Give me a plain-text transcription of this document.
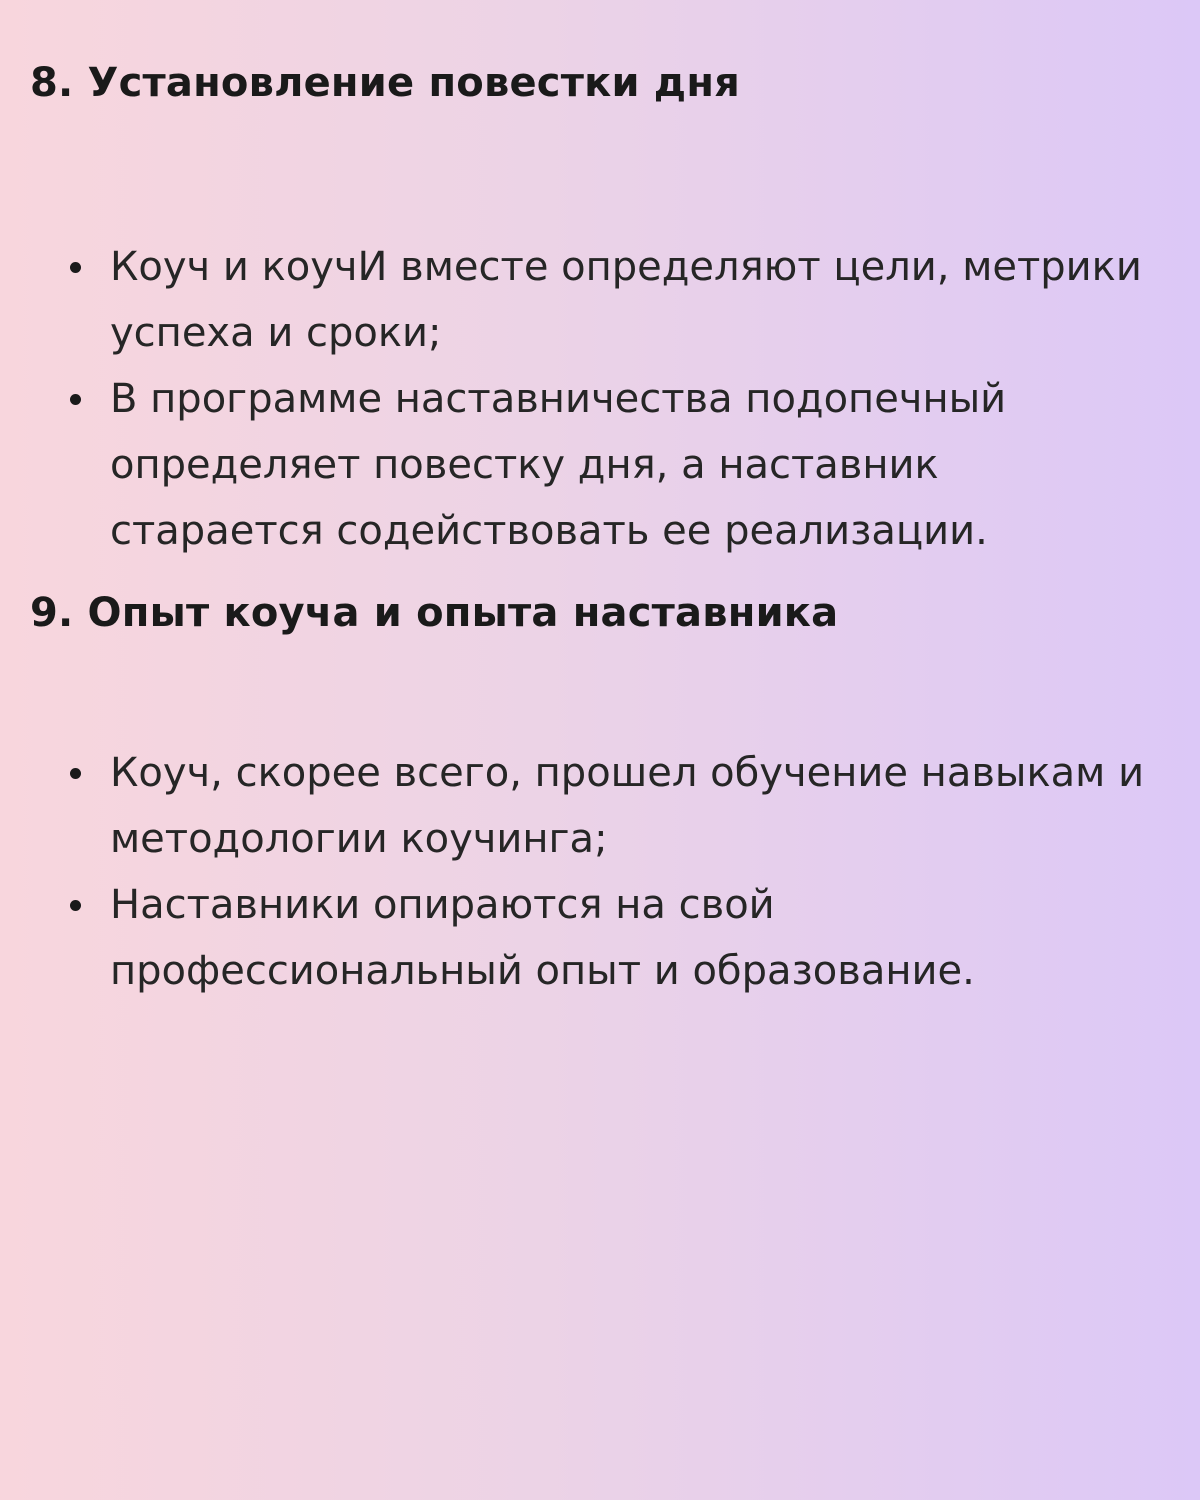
8. Установление повестки дня
Коуч и коучИ вместе определяют цели, метрики успеха и сроки;
В программе наставничества подопечный определяет повестку дня, а наставник старается содействовать ее реализации.
9. Опыт коуча и опыта наставника
Коуч, скорее всего, прошел обучение навыкам и методологии коучинга;
Наставники опираются на свой профессиональный опыт и образование.
